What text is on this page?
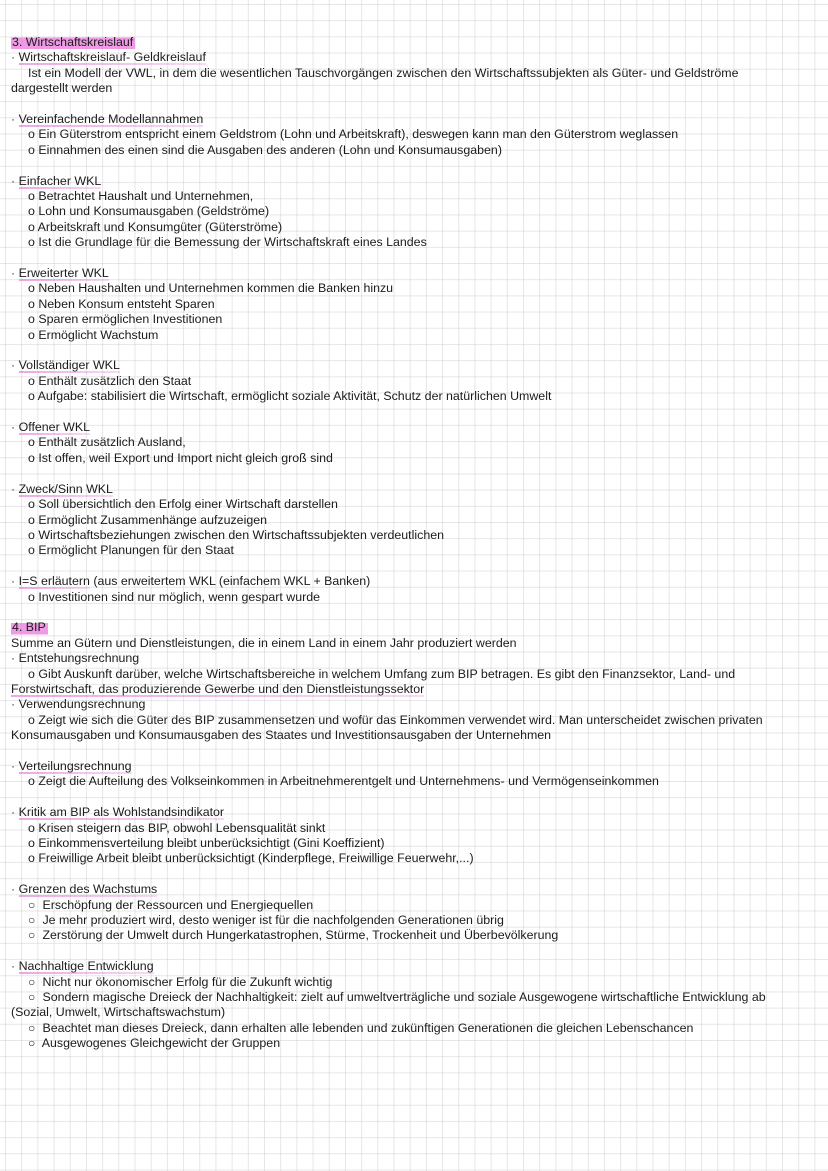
3. Wirtschaftskreislauf
· Wirtschaftskreislauf- Geldkreislauf
Ist ein Modell der VWL, in dem die wesentlichen Tauschvorgängen zwischen den Wirtschaftssubjekten als Güter- und Geldströme
dargestellt werden
· Vereinfachende Modellannahmen
o Ein Güterstrom entspricht einem Geldstrom (Lohn und Arbeitskraft), deswegen kann man den Güterstrom weglassen
o Einnahmen des einen sind die Ausgaben des anderen (Lohn und Konsumausgaben)
· Einfacher WKL
o Betrachtet Haushalt und Unternehmen,
o Lohn und Konsumausgaben (Geldströme)
o Arbeitskraft und Konsumgüter (Güterströme)
o Ist die Grundlage für die Bemessung der Wirtschaftskraft eines Landes
· Erweiterter WKL
o Neben Haushalten und Unternehmen kommen die Banken hinzu
o Neben Konsum entsteht Sparen
o Sparen ermöglichen Investitionen
o Ermöglicht Wachstum
· Vollständiger WKL
o Enthält zusätzlich den Staat
o Aufgabe: stabilisiert die Wirtschaft, ermöglicht soziale Aktivität, Schutz der natürlichen Umwelt
· Offener WKL
o Enthält zusätzlich Ausland,
o Ist offen, weil Export und Import nicht gleich groß sind
· Zweck/Sinn WKL
o Soll übersichtlich den Erfolg einer Wirtschaft darstellen
o Ermöglicht Zusammenhänge aufzuzeigen
o Wirtschaftsbeziehungen zwischen den Wirtschaftssubjekten verdeutlichen
o Ermöglicht Planungen für den Staat
· I=S erläutern (aus erweitertem WKL (einfachem WKL + Banken)
o Investitionen sind nur möglich, wenn gespart wurde
4. BIP
Summe an Gütern und Dienstleistungen, die in einem Land in einem Jahr produziert werden
· Entstehungsrechnung
o Gibt Auskunft darüber, welche Wirtschaftsbereiche in welchem Umfang zum BIP betragen. Es gibt den Finanzsektor, Land- und
Forstwirtschaft, das produzierende Gewerbe und den Dienstleistungssektor
· Verwendungsrechnung
o Zeigt wie sich die Güter des BIP zusammensetzen und wofür das Einkommen verwendet wird. Man unterscheidet zwischen privaten
Konsumausgaben und Konsumausgaben des Staates und Investitionsausgaben der Unternehmen
· Verteilungsrechnung
o Zeigt die Aufteilung des Volkseinkommen in Arbeitnehmerentgelt und Unternehmens- und Vermögenseinkommen
· Kritik am BIP als Wohlstandsindikator
o Krisen steigern das BIP, obwohl Lebensqualität sinkt
o Einkommensverteilung bleibt unberücksichtigt (Gini Koeffizient)
o Freiwillige Arbeit bleibt unberücksichtigt (Kinderpflege, Freiwillige Feuerwehr,...)
· Grenzen des Wachstums
○ Erschöpfung der Ressourcen und Energiequellen
○ Je mehr produziert wird, desto weniger ist für die nachfolgenden Generationen übrig
○ Zerstörung der Umwelt durch Hungerkatastrophen, Stürme, Trockenheit und Überbevölkerung
· Nachhaltige Entwicklung
○ Nicht nur ökonomischer Erfolg für die Zukunft wichtig
○ Sondern magische Dreieck der Nachhaltigkeit: zielt auf umweltverträgliche und soziale Ausgewogene wirtschaftliche Entwicklung ab
(Sozial, Umwelt, Wirtschaftswachstum)
○ Beachtet man dieses Dreieck, dann erhalten alle lebenden und zukünftigen Generationen die gleichen Lebenschancen
○ Ausgewogenes Gleichgewicht der Gruppen
